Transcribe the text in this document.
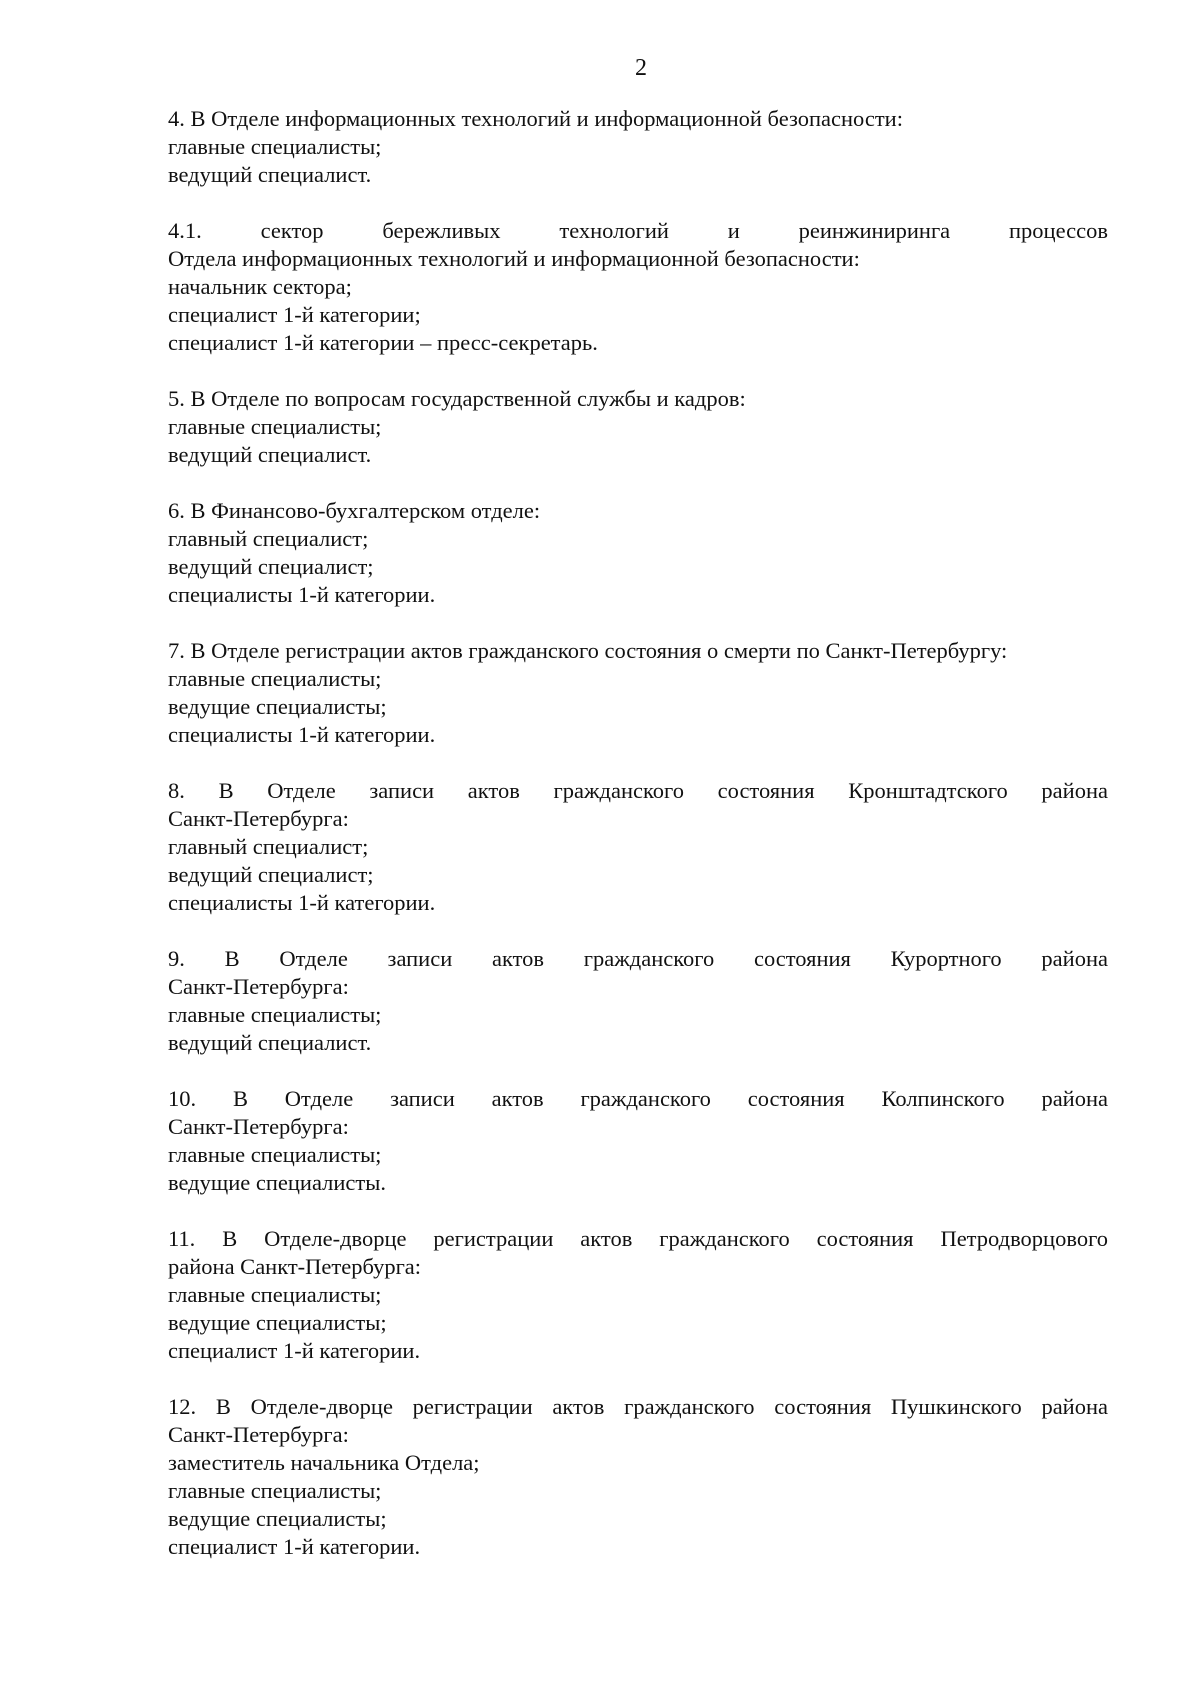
2
4. В Отделе информационных технологий и информационной безопасности:
главные специалисты;
ведущий специалист.
4.1. сектор бережливых технологий и реинжиниринга процессов
Отдела информационных технологий и информационной безопасности:
начальник сектора;
специалист 1-й категории;
специалист 1-й категории – пресс-секретарь.
5. В Отделе по вопросам государственной службы и кадров:
главные специалисты;
ведущий специалист.
6. В Финансово-бухгалтерском отделе:
главный специалист;
ведущий специалист;
специалисты 1-й категории.
7. В Отделе регистрации актов гражданского состояния о смерти по Санкт-Петербургу:
главные специалисты;
ведущие специалисты;
специалисты 1-й категории.
8. В Отделе записи актов гражданского состояния Кронштадтского района
Санкт-Петербурга:
главный специалист;
ведущий специалист;
специалисты 1-й категории.
9. В Отделе записи актов гражданского состояния Курортного района
Санкт-Петербурга:
главные специалисты;
ведущий специалист.
10. В Отделе записи актов гражданского состояния Колпинского района
Санкт-Петербурга:
главные специалисты;
ведущие специалисты.
11. В Отделе-дворце регистрации актов гражданского состояния Петродворцового
района Санкт-Петербурга:
главные специалисты;
ведущие специалисты;
специалист 1-й категории.
12. В Отделе-дворце регистрации актов гражданского состояния Пушкинского района
Санкт-Петербурга:
заместитель начальника Отдела;
главные специалисты;
ведущие специалисты;
специалист 1-й категории.
